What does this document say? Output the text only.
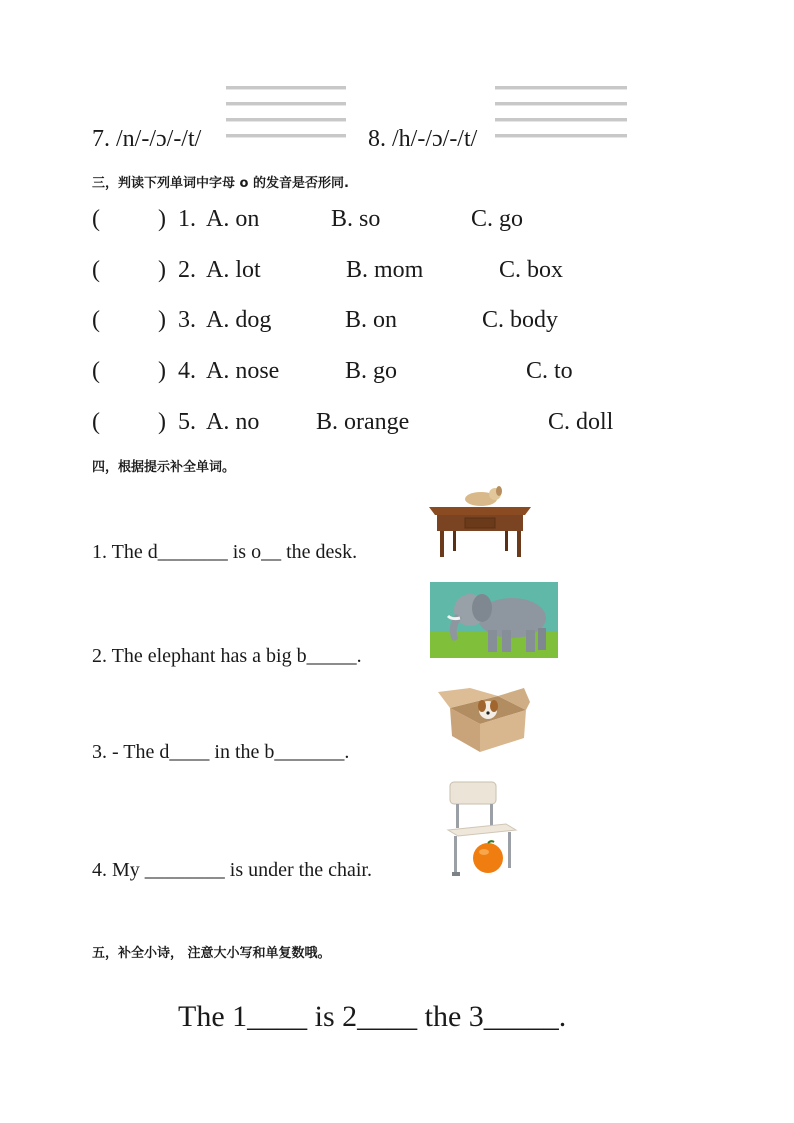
7. /n/-/ɔ/-/t/	8. /h/-/ɔ/-/t/
三，判读下列单词中字母 o 的发音是否形同.
( ) 1. A. on	B. so	C. go
( ) 2. A. lot	B. mom	C. box
( ) 3. A. dog	B. on	C. body
( ) 4. A. nose	B. go	C. to
( ) 5. A. no B. orange	C. doll
四，根据提示补全单词。
1. The d_______ is o__ the desk.
2. The elephant has a big b_____.
3. - The d____ in the b_______.
4. My ________ is under the chair.
五，补全小诗， 注意大小写和单复数哦。
The 1____ is 2____ the 3_____.
